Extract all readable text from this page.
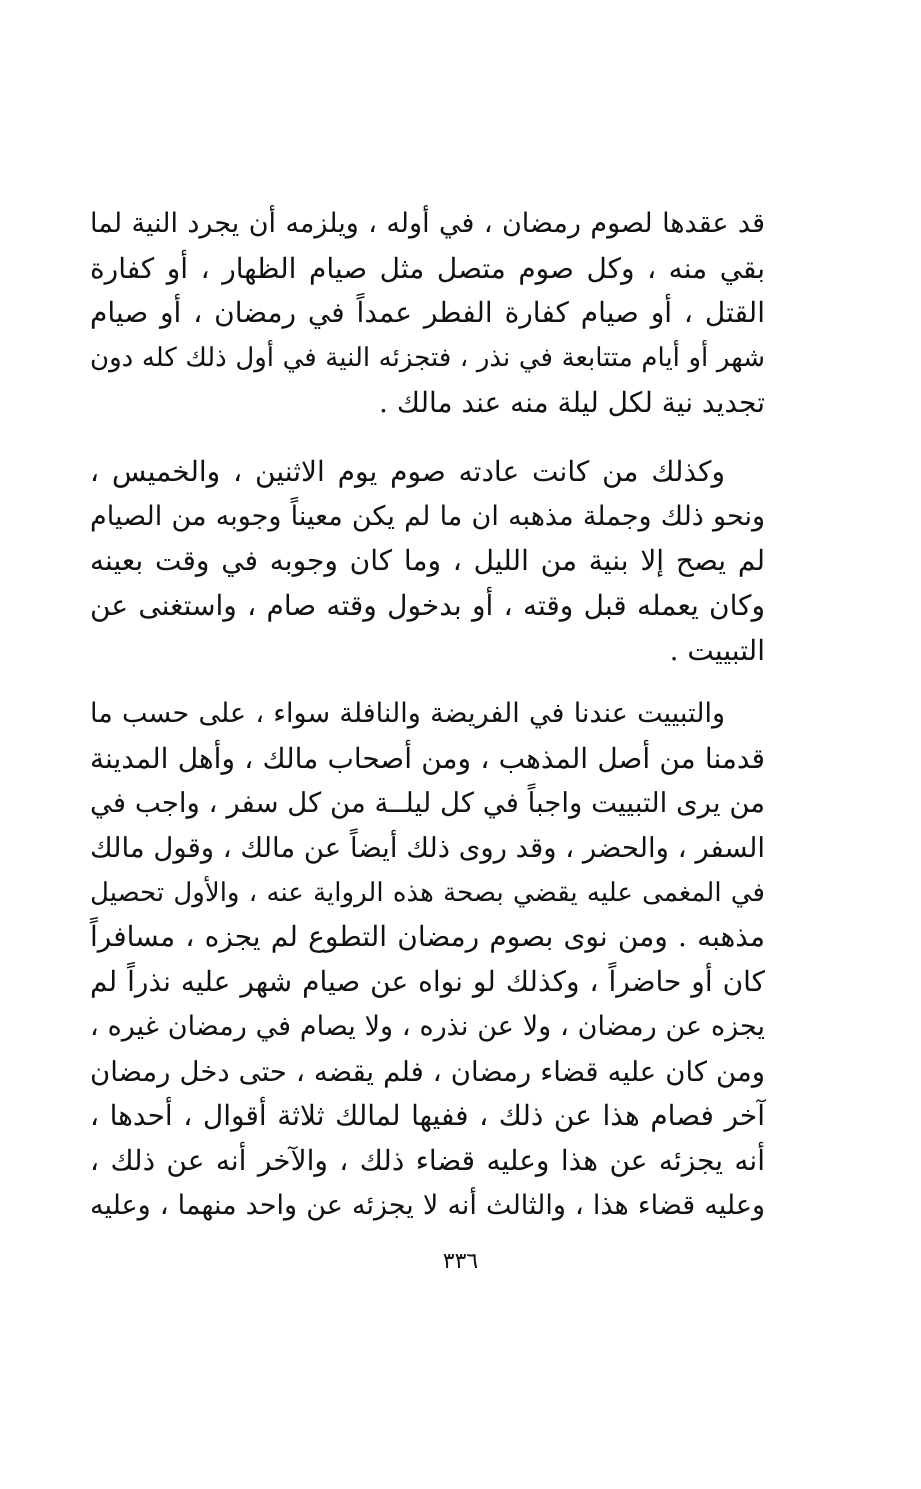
قد عقدها لصوم رمضان ، في أوله ، ويلزمه أن يجرد النية لما
بقي منه ، وكل صوم متصل مثل صيام الظهار ، أو كفارة
القتل ، أو صيام كفارة الفطر عمداً في رمضان ، أو صيام
شهر أو أيام متتابعة في نذر ، فتجزئه النية في أول ذلك كله دون
تجديد نية لكل ليلة منه عند مالك .
وكذلك من كانت عادته صوم يوم الاثنين ، والخميس ،
ونحو ذلك وجملة مذهبه ان ما لم يكن معيناً وجوبه من الصيام
لم يصح إلا بنية من الليل ، وما كان وجوبه في وقت بعينه
وكان يعمله قبل وقته ، أو بدخول وقته صام ، واستغنى عن
التبييت .
والتبييت عندنا في الفريضة والنافلة سواء ، على حسب ما
قدمنا من أصل المذهب ، ومن أصحاب مالك ، وأهل المدينة
من يرى التبييت واجباً في كل ليلــة من كل سفر ، واجب في
السفر ، والحضر ، وقد روى ذلك أيضاً عن مالك ، وقول مالك
في المغمى عليه يقضي بصحة هذه الرواية عنه ، والأول تحصيل
مذهبه . ومن نوى بصوم رمضان التطوع لم يجزه ، مسافراً
كان أو حاضراً ، وكذلك لو نواه عن صيام شهر عليه نذراً لم
يجزه عن رمضان ، ولا عن نذره ، ولا يصام في رمضان غيره ،
ومن كان عليه قضاء رمضان ، فلم يقضه ، حتى دخل رمضان
آخر فصام هذا عن ذلك ، ففيها لمالك ثلاثة أقوال ، أحدها ،
أنه يجزئه عن هذا وعليه قضاء ذلك ، والآخر أنه عن ذلك ،
وعليه قضاء هذا ، والثالث أنه لا يجزئه عن واحد منهما ، وعليه
٣٣٦
